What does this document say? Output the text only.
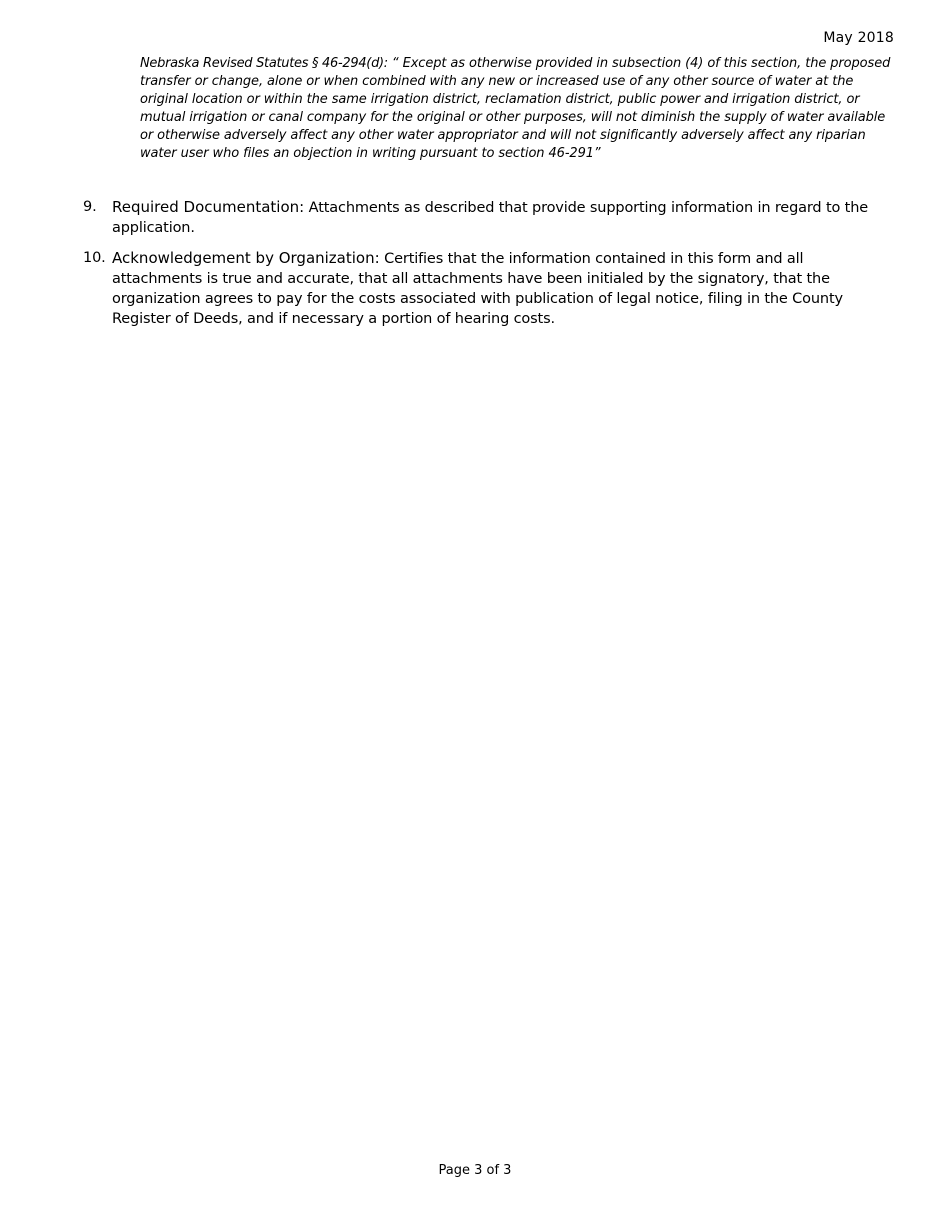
May 2018
Nebraska Revised Statutes § 46-294(d): “ Except as otherwise provided in subsection (4) of this section, the proposed transfer or change, alone or when combined with any new or increased use of any other source of water at the original location or within the same irrigation district, reclamation district, public power and irrigation district, or mutual irrigation or canal company for the original or other purposes, will not diminish the supply of water available or otherwise adversely affect any other water appropriator and will not significantly adversely affect any riparian water user who files an objection in writing pursuant to section 46-291”
9. Required Documentation: Attachments as described that provide supporting information in regard to the application.
10. Acknowledgement by Organization: Certifies that the information contained in this form and all attachments is true and accurate, that all attachments have been initialed by the signatory, that the organization agrees to pay for the costs associated with publication of legal notice, filing in the County Register of Deeds, and if necessary a portion of hearing costs.
Page 3 of 3
